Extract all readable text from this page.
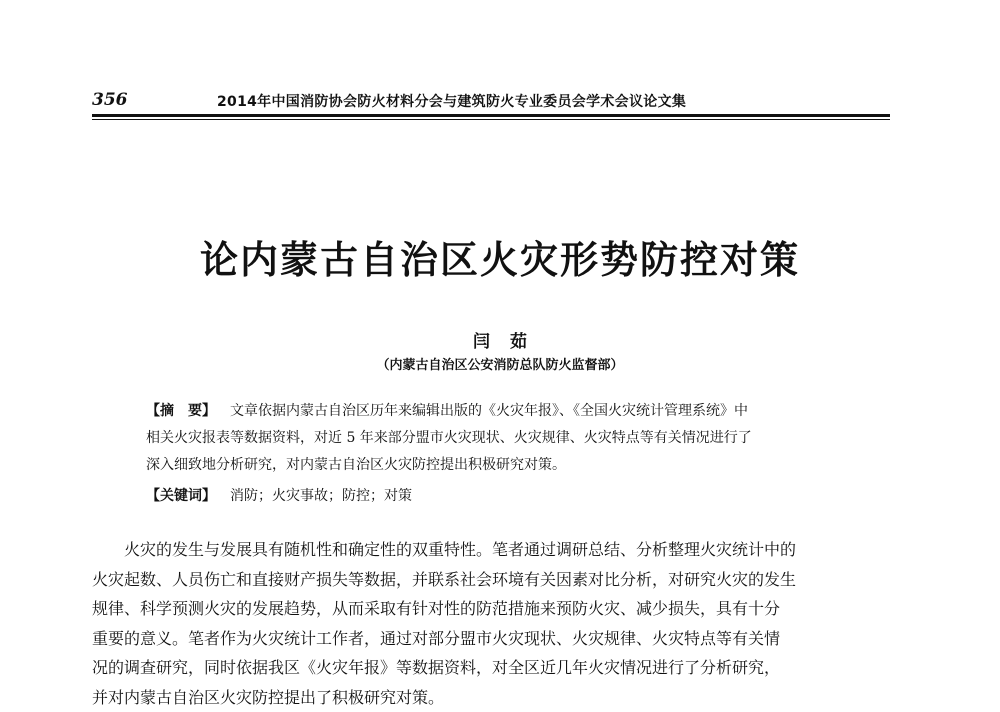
356	2014年中国消防协会防火材料分会与建筑防火专业委员会学术会议论文集
论内蒙古自治区火灾形势防控对策
闫茹
（内蒙古自治区公安消防总队防火监督部）
【摘　要】 文章依据内蒙古自治区历年来编辑出版的《火灾年报》、《全国火灾统计管理系统》中
相关火灾报表等数据资料，对近 5 年来部分盟市火灾现状、火灾规律、火灾特点等有关情况进行了
深入细致地分析研究，对内蒙古自治区火灾防控提出积极研究对策。
【关键词】 消防；火灾事故；防控；对策
火灾的发生与发展具有随机性和确定性的双重特性。笔者通过调研总结、分析整理火灾统计中的
火灾起数、人员伤亡和直接财产损失等数据，并联系社会环境有关因素对比分析，对研究火灾的发生
规律、科学预测火灾的发展趋势，从而采取有针对性的防范措施来预防火灾、减少损失，具有十分
重要的意义。笔者作为火灾统计工作者，通过对部分盟市火灾现状、火灾规律、火灾特点等有关情
况的调查研究，同时依据我区《火灾年报》等数据资料，对全区近几年火灾情况进行了分析研究，
并对内蒙古自治区火灾防控提出了积极研究对策。
